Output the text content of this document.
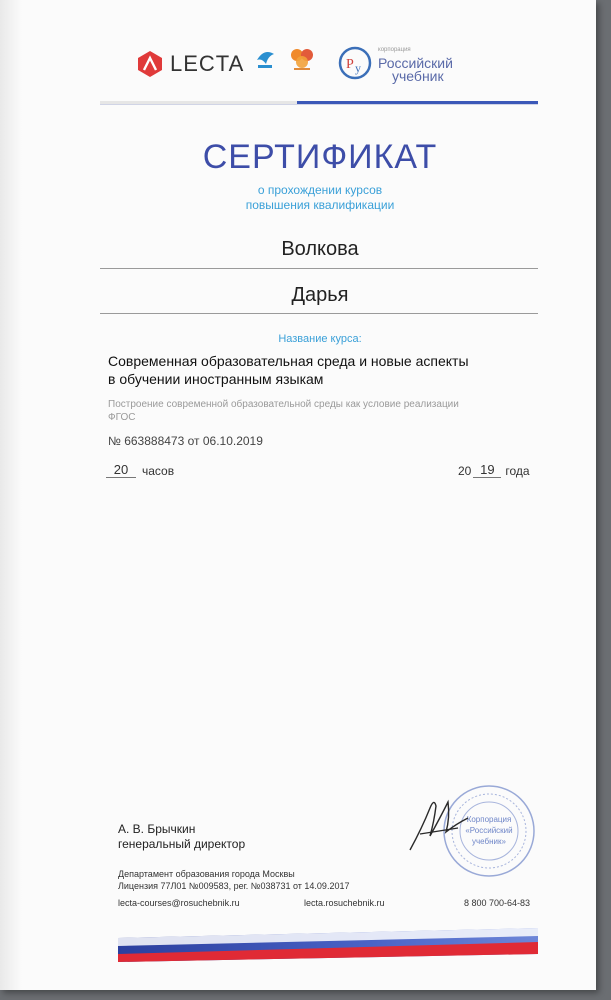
LECTA	P y
корпорация
Российский
учебник
СЕРТИФИКАТ
о прохождении курсов
повышения квалификации
Волкова
Дарья
Название курса:
Современная образовательная среда и новые аспекты
в обучении иностранным языкам
Построение современной образовательной среды как условие реализации
ФГОС
№ 663888473 от 06.10.2019
20	часов	20 19 года
Корпорация
«Российский
учебник»
А. В. Брычкин
генеральный директор
Департамент образования города Москвы
Лицензия 77Л01 №009583, рег. №038731 от 14.09.2017
lecta-courses@rosuchebnik.ru	lecta.rosuchebnik.ru	8 800 700-64-83
